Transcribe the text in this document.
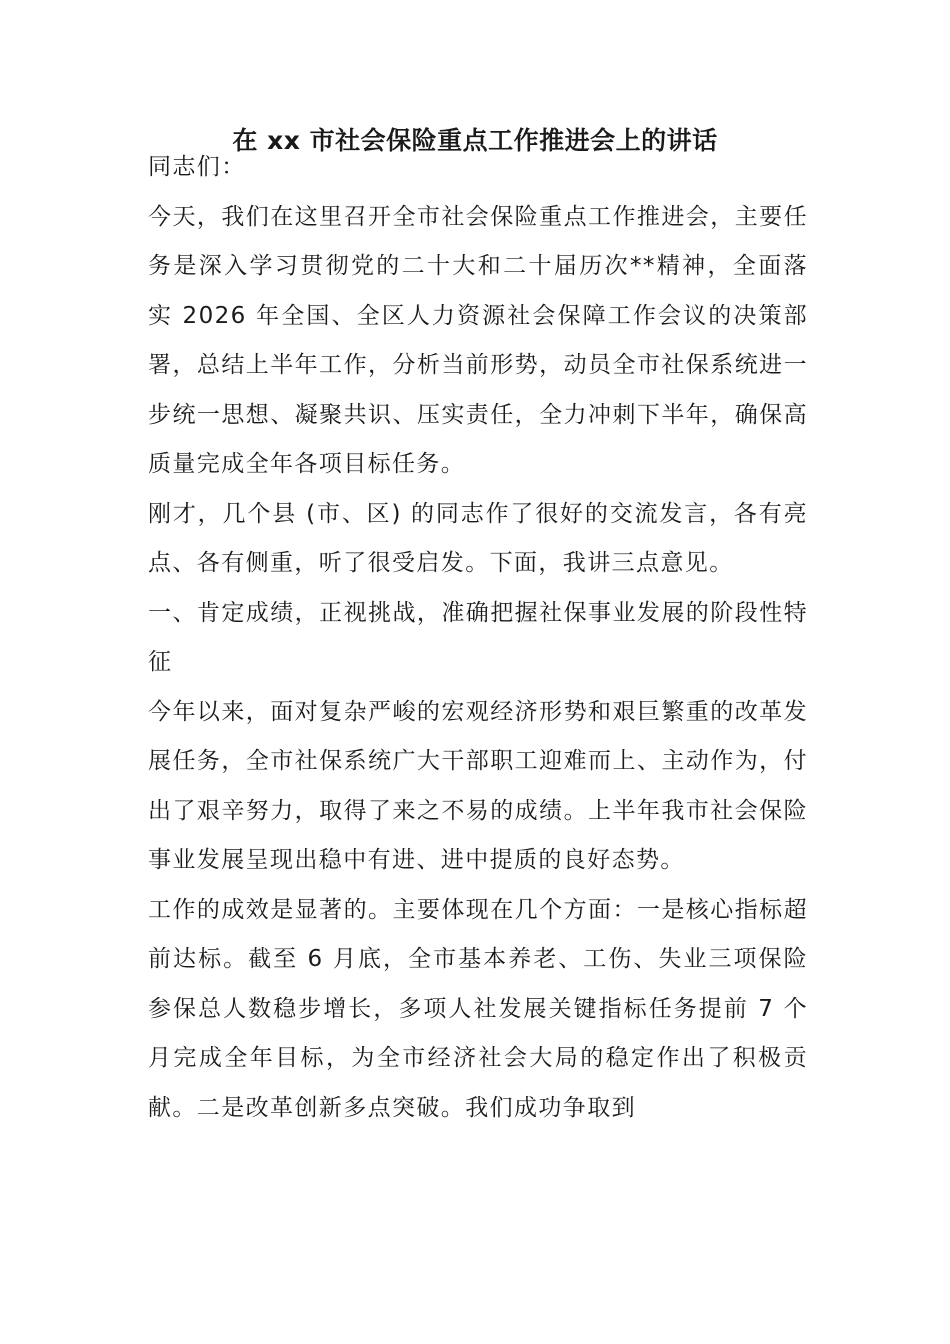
在 xx 市社会保险重点工作推进会上的讲话

同志们：

今天，我们在这里召开全市社会保险重点工作推进会，主要任务是深入学习贯彻党的二十大和二十届历次**精神，全面落实 2026 年全国、全区人力资源社会保障工作会议的决策部署，总结上半年工作，分析当前形势，动员全市社保系统进一步统一思想、凝聚共识、压实责任，全力冲刺下半年，确保高质量完成全年各项目标任务。

刚才，几个县 (市、区) 的同志作了很好的交流发言，各有亮点、各有侧重，听了很受启发。下面，我讲三点意见。

一、肯定成绩，正视挑战，准确把握社保事业发展的阶段性特征

今年以来，面对复杂严峻的宏观经济形势和艰巨繁重的改革发展任务，全市社保系统广大干部职工迎难而上、主动作为，付出了艰辛努力，取得了来之不易的成绩。上半年我市社会保险事业发展呈现出稳中有进、进中提质的良好态势。

工作的成效是显著的。主要体现在几个方面：一是核心指标超前达标。截至 6 月底，全市基本养老、工伤、失业三项保险参保总人数稳步增长，多项人社发展关键指标任务提前 7 个月完成全年目标，为全市经济社会大局的稳定作出了积极贡献。二是改革创新多点突破。我们成功争取到
